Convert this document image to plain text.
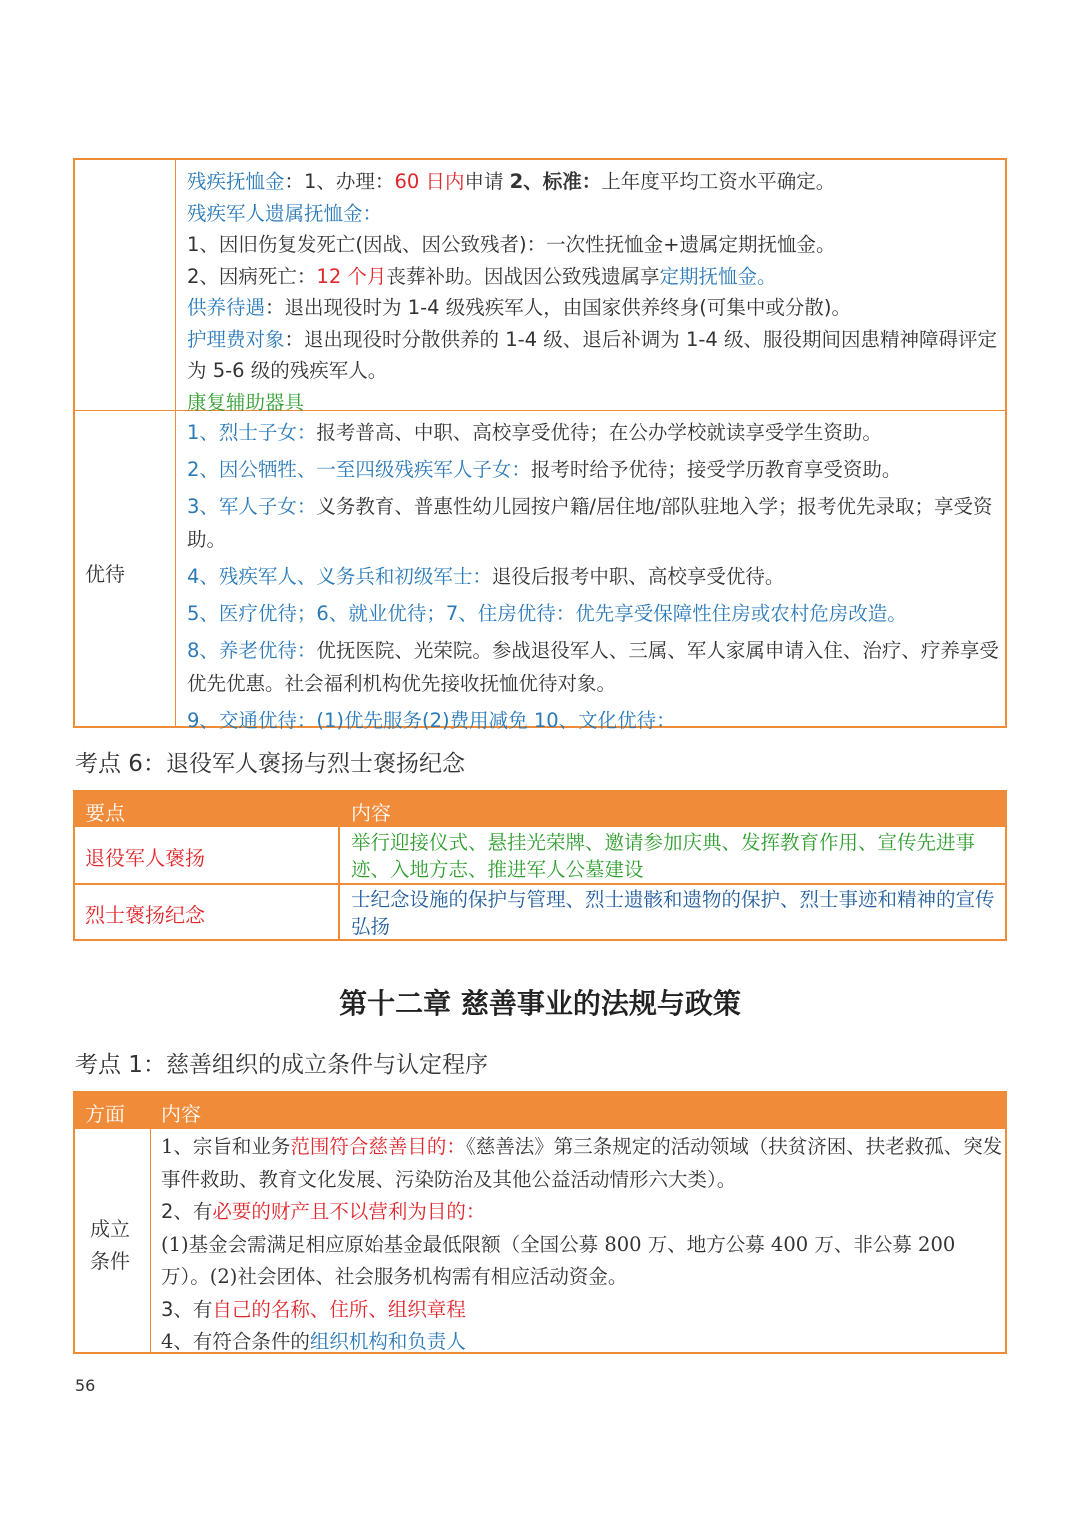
优待

残疾抚恤金：1、办理：60 日内申请 2、标准：上年度平均工资水平确定。

残疾军人遗属抚恤金：

1、因旧伤复发死亡(因战、因公致残者)：一次性抚恤金+遗属定期抚恤金。

2、因病死亡：12 个月丧葬补助。因战因公致残遗属享定期抚恤金。

供养待遇：退出现役时为 1-4 级残疾军人，由国家供养终身(可集中或分散)。

护理费对象：退出现役时分散供养的 1-4 级、退后补调为 1-4 级、服役期间因患精神障碍评定为 5-6 级的残疾军人。

康复辅助器具

1、烈士子女：报考普高、中职、高校享受优待；在公办学校就读享受学生资助。

2、因公牺牲、一至四级残疾军人子女：报考时给予优待；接受学历教育享受资助。

3、军人子女：义务教育、普惠性幼儿园按户籍/居住地/部队驻地入学；报考优先录取；享受资助。

4、残疾军人、义务兵和初级军士：退役后报考中职、高校享受优待。

5、医疗优待；6、就业优待；7、住房优待：优先享受保障性住房或农村危房改造。

8、养老优待：优抚医院、光荣院。参战退役军人、三属、军人家属申请入住、治疗、疗养享受优先优惠。社会福利机构优先接收抚恤优待对象。

9、交通优待：(1)优先服务(2)费用减免 10、文化优待：

考点 6：退役军人褒扬与烈士褒扬纪念
要点	内容
退役军人褒扬
举行迎接仪式、悬挂光荣牌、邀请参加庆典、发挥教育作用、宣传先进事迹、入地方志、推进军人公墓建设
烈士褒扬纪念
士纪念设施的保护与管理、烈士遗骸和遗物的保护、烈士事迹和精神的宣传弘扬
第十二章 慈善事业的法规与政策
考点 1：慈善组织的成立条件与认定程序
方面 内容
成立条件

1、宗旨和业务范围符合慈善目的：《慈善法》第三条规定的活动领域（扶贫济困、扶老救孤、突发事件救助、教育文化发展、污染防治及其他公益活动情形六大类）。

2、有必要的财产且不以营利为目的：

(1)基金会需满足相应原始基金最低限额（全国公募 800 万、地方公募 400 万、非公募 200 万）。(2)社会团体、社会服务机构需有相应活动资金。

3、有自己的名称、住所、组织章程

4、有符合条件的组织机构和负责人

56
